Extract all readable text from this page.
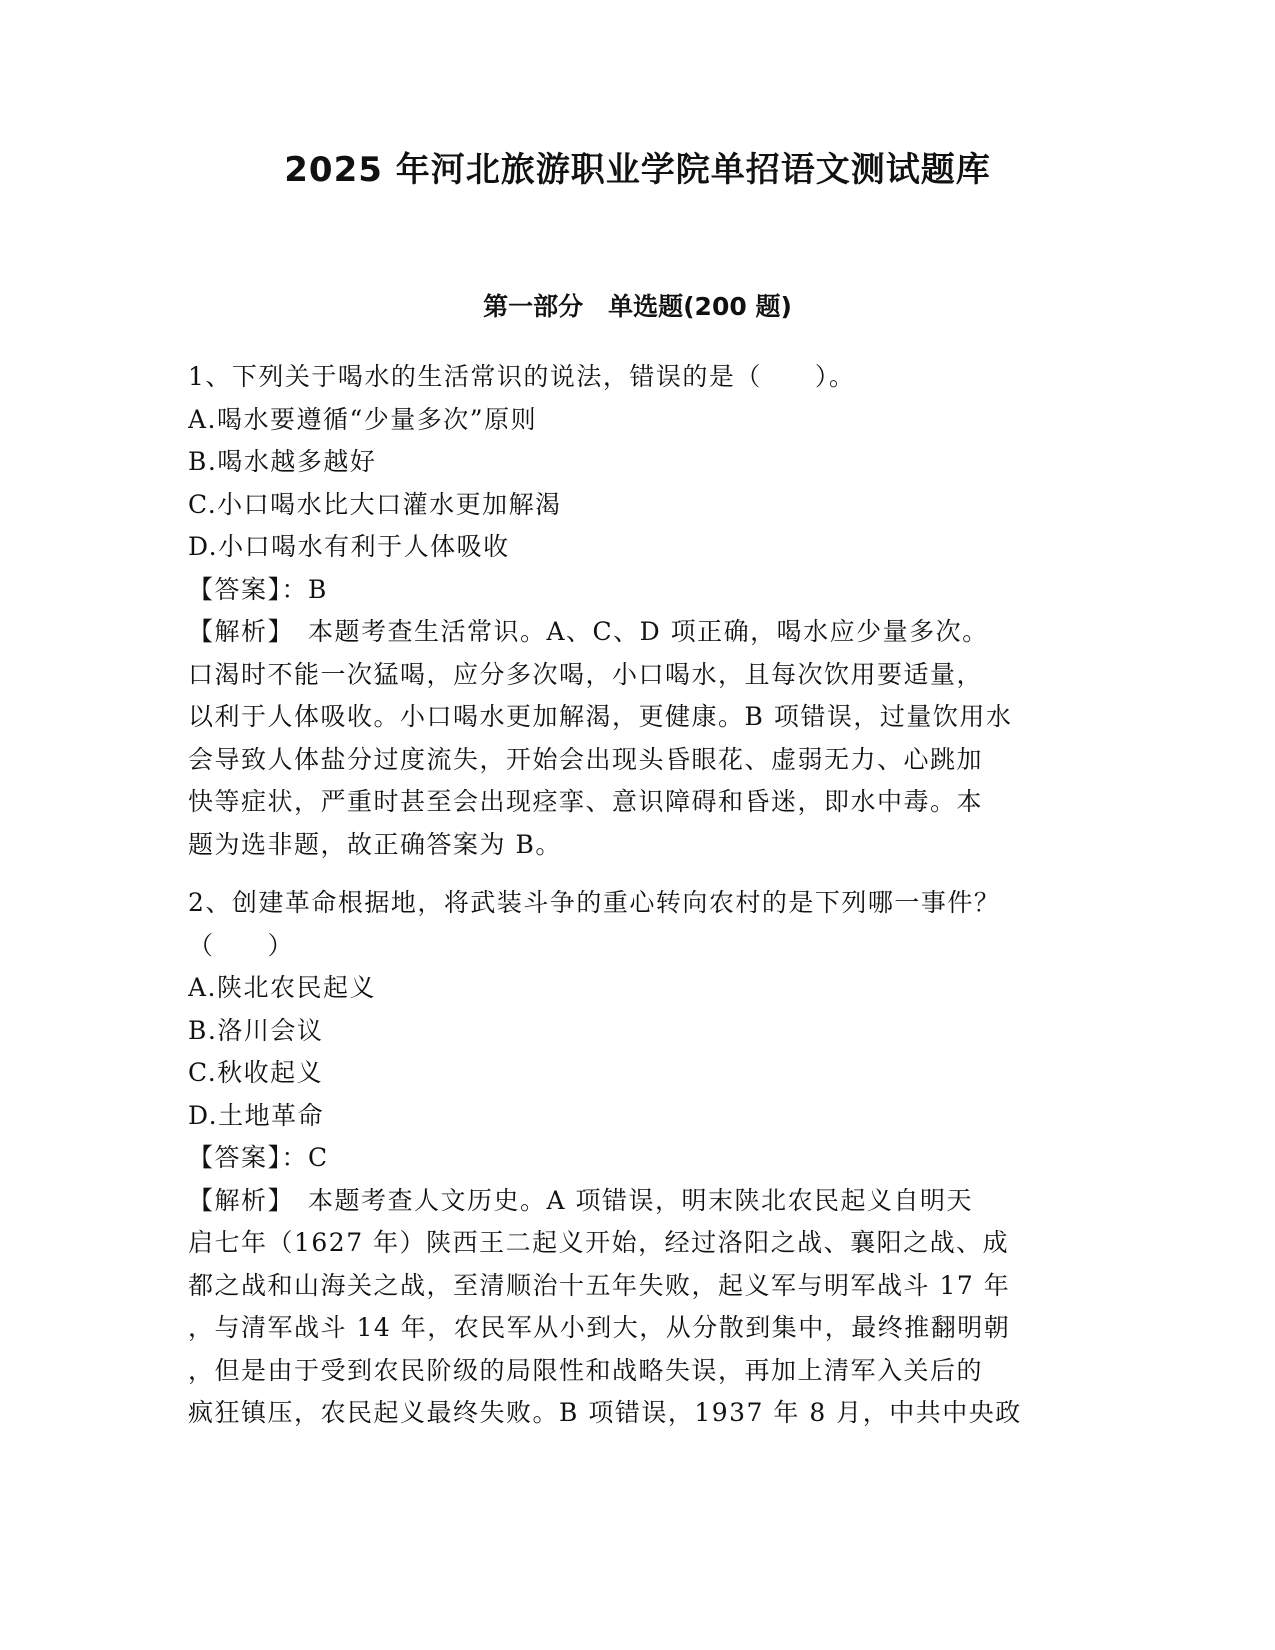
2025 年河北旅游职业学院单招语文测试题库
第一部分　单选题(200 题)
1、下列关于喝水的生活常识的说法，错误的是（　　）。
A.喝水要遵循“少量多次”原则
B.喝水越多越好
C.小口喝水比大口灌水更加解渴
D.小口喝水有利于人体吸收
【答案】：B
【解析】　本题考查生活常识。A、C、D 项正确，喝水应少量多次。
口渴时不能一次猛喝，应分多次喝，小口喝水，且每次饮用要适量，
以利于人体吸收。小口喝水更加解渴，更健康。B 项错误，过量饮用水
会导致人体盐分过度流失，开始会出现头昏眼花、虚弱无力、心跳加
快等症状，严重时甚至会出现痉挛、意识障碍和昏迷，即水中毒。本
题为选非题，故正确答案为 B。
2、创建革命根据地，将武装斗争的重心转向农村的是下列哪一事件？
（　　）
A.陕北农民起义
B.洛川会议
C.秋收起义
D.土地革命
【答案】：C
【解析】　本题考查人文历史。A 项错误，明末陕北农民起义自明天
启七年（1627 年）陕西王二起义开始，经过洛阳之战、襄阳之战、成
都之战和山海关之战，至清顺治十五年失败，起义军与明军战斗 17 年
，与清军战斗 14 年，农民军从小到大，从分散到集中，最终推翻明朝
，但是由于受到农民阶级的局限性和战略失误，再加上清军入关后的
疯狂镇压，农民起义最终失败。B 项错误，1937 年 8 月，中共中央政
